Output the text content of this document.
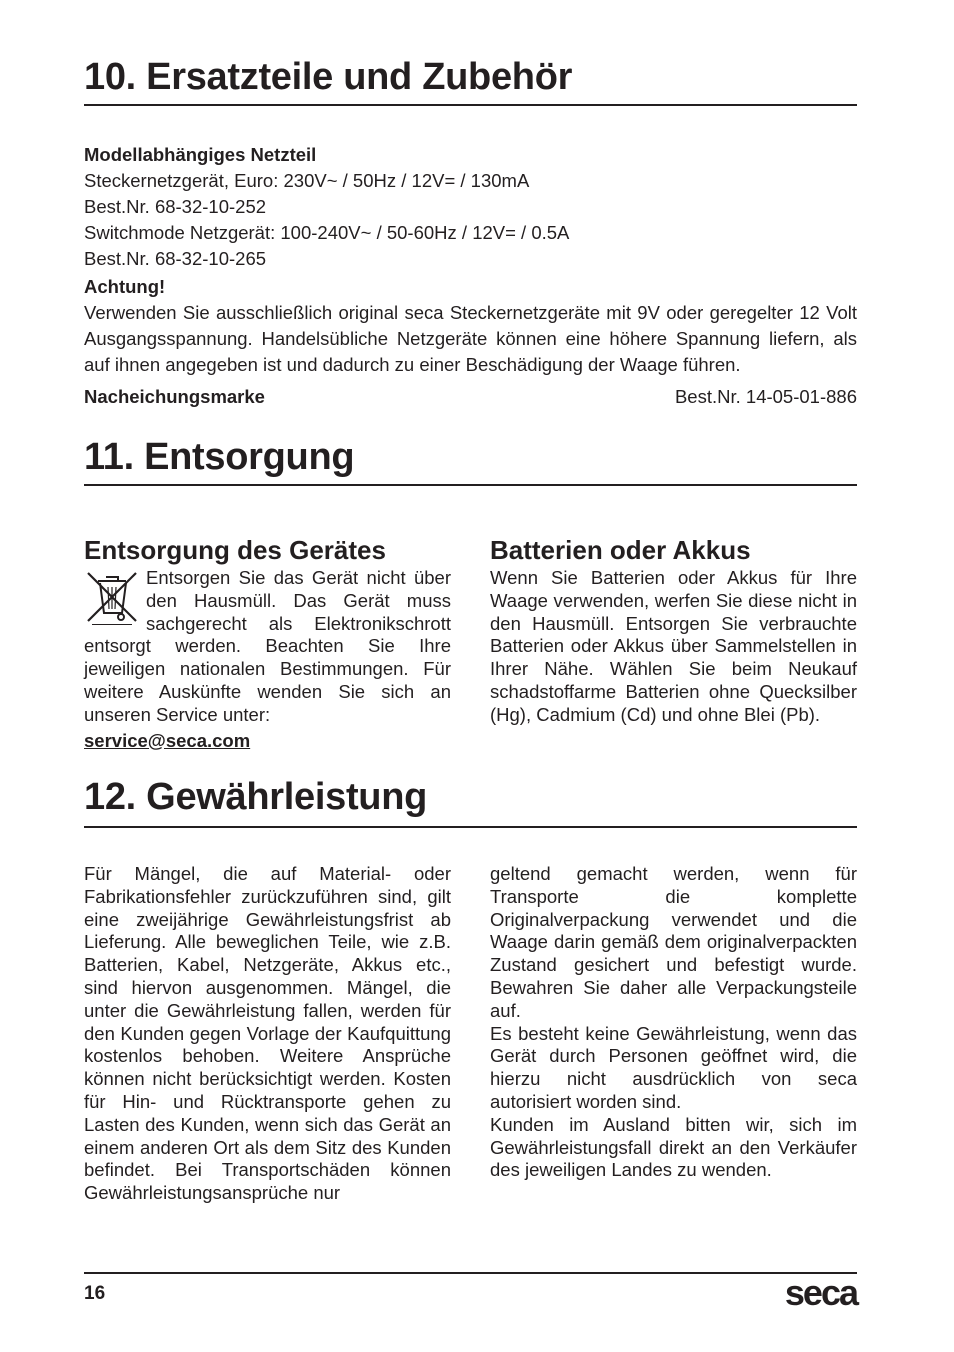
10. Ersatzteile und Zubehör
Modellabhängiges Netzteil
Steckernetzgerät, Euro: 230V~ / 50Hz / 12V= / 130mA
Best.Nr. 68-32-10-252
Switchmode Netzgerät: 100-240V~ / 50-60Hz / 12V= / 0.5A
Best.Nr. 68-32-10-265
Achtung!
Verwenden Sie ausschließlich original seca Steckernetzgeräte mit 9V oder geregelter 12 Volt Ausgangsspannung. Handelsübliche Netzgeräte können eine höhere Spannung liefern, als auf ihnen angegeben ist und dadurch zu einer Beschädigung der Waage führen.
Nacheichungsmarke	Best.Nr. 14-05-01-886
11. Entsorgung
Entsorgung des Gerätes
Entsorgen Sie das Gerät nicht über den Hausmüll. Das Gerät muss sachgerecht als Elektronikschrott entsorgt werden. Beachten Sie Ihre jeweiligen nationalen Bestimmungen. Für weitere Auskünfte wenden Sie sich an unseren Service unter:
service@seca.com
Batterien oder Akkus
Wenn Sie Batterien oder Akkus für Ihre Waage verwenden, werfen Sie diese nicht in den Hausmüll. Entsorgen Sie verbrauchte Batterien oder Akkus über Sammelstellen in Ihrer Nähe. Wählen Sie beim Neukauf schadstoffarme Batterien ohne Quecksilber (Hg), Cadmium (Cd) und ohne Blei (Pb).
12. Gewährleistung
Für Mängel, die auf Material- oder Fabrikationsfehler zurückzuführen sind, gilt eine zweijährige Gewährleistungsfrist ab Lieferung. Alle beweglichen Teile, wie z.B. Batterien, Kabel, Netzgeräte, Akkus etc., sind hiervon ausgenommen. Mängel, die unter die Gewährleistung fallen, werden für den Kunden gegen Vorlage der Kaufquittung kostenlos behoben. Weitere Ansprüche können nicht berücksichtigt werden. Kosten für Hin- und Rücktransporte gehen zu Lasten des Kunden, wenn sich das Gerät an einem anderen Ort als dem Sitz des Kunden befindet. Bei Transportschäden können Gewährleistungsansprüche nur
geltend gemacht werden, wenn für Transporte die komplette Originalverpackung verwendet und die Waage darin gemäß dem originalverpackten Zustand gesichert und befestigt wurde. Bewahren Sie daher alle Verpackungsteile auf.
Es besteht keine Gewährleistung, wenn das Gerät durch Personen geöffnet wird, die hierzu nicht ausdrücklich von seca autorisiert worden sind.
Kunden im Ausland bitten wir, sich im Gewährleistungsfall direkt an den Verkäufer des jeweiligen Landes zu wenden.
16	seca
